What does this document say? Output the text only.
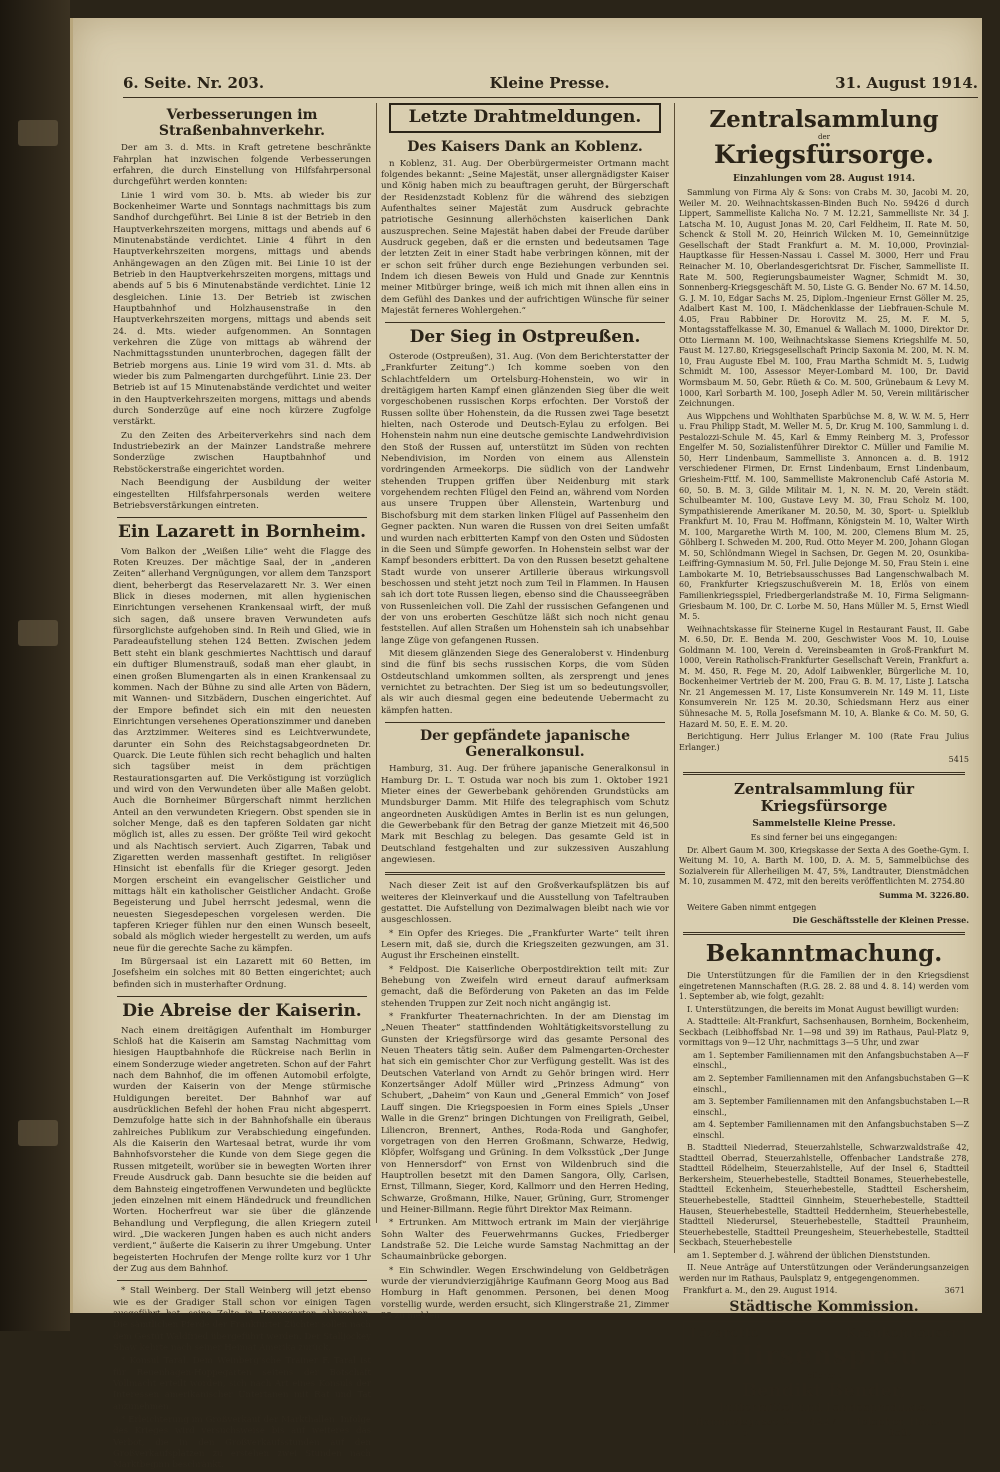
6. Seite. Nr. 203.	Kleine Presse.	31. August 1914.
Verbesserungen im Straßenbahnverkehr.

Der am 3. d. Mts. in Kraft getretene beschränkte Fahrplan hat inzwischen folgende Verbesserungen erfahren, die durch Einstellung von Hilfsfahrpersonal durchgeführt werden konnten:

Linie 1 wird vom 30. b. Mts. ab wieder bis zur Bockenheimer Warte und Sonntags nachmittags bis zum Sandhof durchgeführt. Bei Linie 8 ist der Betrieb in den Hauptverkehrszeiten morgens, mittags und abends auf 6 Minutenabstände verdichtet. Linie 4 führt in den Hauptverkehrszeiten morgens, mittags und abends Anhängewagen an den Zügen mit. Bei Linie 10 ist der Betrieb in den Hauptverkehrszeiten morgens, mittags und abends auf 5 bis 6 Minutenabstände verdichtet. Linie 12 desgleichen. Linie 13. Der Betrieb ist zwischen Hauptbahnhof und Holzhausenstraße in den Hauptverkehrszeiten morgens, mittags und abends seit 24. d. Mts. wieder aufgenommen. An Sonntagen verkehren die Züge von mittags ab während der Nachmittagsstunden ununterbrochen, dagegen fällt der Betrieb morgens aus. Linie 19 wird vom 31. d. Mts. ab wieder bis zum Palmengarten durchgeführt. Linie 23. Der Betrieb ist auf 15 Minutenabstände verdichtet und weiter in den Hauptverkehrszeiten morgens, mittags und abends durch Sonderzüge auf eine noch kürzere Zugfolge verstärkt.

Zu den Zeiten des Arbeiterverkehrs sind nach dem Industriebezirk an der Mainzer Landstraße mehrere Sonderzüge zwischen Hauptbahnhof und Rebstöckerstraße eingerichtet worden.

Nach Beendigung der Ausbildung der weiter eingestellten Hilfsfahrpersonals werden weitere Betriebsverstärkungen eintreten.

Ein Lazarett in Bornheim.

Vom Balkon der „Weißen Lilie“ weht die Flagge des Roten Kreuzes. Der mächtige Saal, der in „anderen Zeiten“ allerhand Vergnügungen, vor allem dem Tanzsport dient, beherbergt das Reservelazarett Nr. 3. Wer einen Blick in dieses modernen, mit allen hygienischen Einrichtungen versehenen Krankensaal wirft, der muß sich sagen, daß unsere braven Verwundeten aufs fürsorglichste aufgehoben sind. In Reih und Glied, wie in Paradeaufstellung stehen 124 Betten. Zwischen jedem Bett steht ein blank geschmiertes Nachttisch und darauf ein duftiger Blumenstrauß, sodaß man eher glaubt, in einen großen Blumengarten als in einen Krankensaal zu kommen. Nach der Bühne zu sind alle Arten von Bädern, mit Wannen- und Sitzbädern, Duschen eingerichtet. Auf der Empore befindet sich ein mit den neuesten Einrichtungen versehenes Operationszimmer und daneben das Arztzimmer. Weiteres sind es Leichtverwundete, darunter ein Sohn des Reichstagsabgeordneten Dr. Quarck. Die Leute fühlen sich recht behaglich und halten sich tagsüber meist in dem prächtigen Restaurationsgarten auf. Die Verköstigung ist vorzüglich und wird von den Verwundeten über alle Maßen gelobt. Auch die Bornheimer Bürgerschaft nimmt herzlichen Anteil an den verwundeten Kriegern. Obst spenden sie in solcher Menge, daß es den tapferen Soldaten gar nicht möglich ist, alles zu essen. Der größte Teil wird gekocht und als Nachtisch serviert. Auch Zigarren, Tabak und Zigaretten werden massenhaft gestiftet. In religiöser Hinsicht ist ebenfalls für die Krieger gesorgt. Jeden Morgen erscheint ein evangelischer Geistlicher und mittags hält ein katholischer Geistlicher Andacht. Große Begeisterung und Jubel herrscht jedesmal, wenn die neuesten Siegesdepeschen vorgelesen werden. Die tapferen Krieger fühlen nur den einen Wunsch beseelt, sobald als möglich wieder hergestellt zu werden, um aufs neue für die gerechte Sache zu kämpfen.

Im Bürgersaal ist ein Lazarett mit 60 Betten, im Josefsheim ein solches mit 80 Betten eingerichtet; auch befinden sich in musterhafter Ordnung.

Die Abreise der Kaiserin.

Nach einem dreitägigen Aufenthalt im Homburger Schloß hat die Kaiserin am Samstag Nachmittag vom hiesigen Hauptbahnhofe die Rückreise nach Berlin in einem Sonderzuge wieder angetreten. Schon auf der Fahrt nach dem Bahnhof, die im offenen Automobil erfolgte, wurden der Kaiserin von der Menge stürmische Huldigungen bereitet. Der Bahnhof war auf ausdrücklichen Befehl der hohen Frau nicht abgesperrt. Demzufolge hatte sich in der Bahnhofshalle ein überaus zahlreiches Publikum zur Verabschiedung eingefunden. Als die Kaiserin den Wartesaal betrat, wurde ihr vom Bahnhofsvorsteher die Kunde von dem Siege gegen die Russen mitgeteilt, worüber sie in bewegten Worten ihrer Freude Ausdruck gab. Dann besuchte sie die beiden auf dem Bahnsteig eingetroffenen Verwundeten und beglückte jeden einzelnen mit einem Händedruck und freundlichen Worten. Hocherfreut war sie über die glänzende Behandlung und Verpflegung, die allen Kriegern zuteil wird. „Die wackeren Jungen haben es auch nicht anders verdient,“ äußerte die Kaiserin zu ihrer Umgebung. Unter begeisterten Hochrufen der Menge rollte kurz vor 1 Uhr der Zug aus dem Bahnhof.

* Stall Weinberg. Der Stall Weinberg will jetzt ebenso wie es der Gradiger Stall schon vor einigen Tagen ausgeführt hat, seine Zelte in Hoppegarten abbrechen. Die sämtlichen Pferde der Frankfurter Züchter sollen nach dem Gestüt Waldfried übergeführt werden. Der Stalljockey Shaw kehrte nach seiner Heimat Amerika zurück.

* Konsul Taral. Dem Weinberg'sche Trainer F. Taral ist für Reuenhagen-Hoppegarten seitens der Botschaft Vollmacht erteilt worden, sich nach Art eines Konsuls der Interessen amerikanischer Untertanen mit Rat und Tat anzunehmen.

* Erleichterung im Großverkauf der Markthallen. Infolge des Krieges wird versuchsweise bis auf weiteres das Verbot, die in den Großverkaufsstunden auf den Großverkaufsplätzen zu erstehen zwei Stunden nach Marktbeginn beschränkt.

Letzte Drahtmeldungen.
Des Kaisers Dank an Koblenz.

n Koblenz, 31. Aug. Der Oberbürgermeister Ortmann macht folgendes bekannt: „Seine Majestät, unser allergnädigster Kaiser und König haben mich zu beauftragen geruht, der Bürgerschaft der Residenzstadt Koblenz für die während des siebzigen Aufenthaltes seiner Majestät zum Ausdruck gebrachte patriotische Gesinnung allerhöchsten kaiserlichen Dank auszusprechen. Seine Majestät haben dabei der Freude darüber Ausdruck gegeben, daß er die ernsten und bedeutsamen Tage der letzten Zeit in einer Stadt habe verbringen können, mit der er schon seit früher durch enge Beziehungen verbunden sei. Indem ich diesen Beweis von Huld und Gnade zur Kenntnis meiner Mitbürger bringe, weiß ich mich mit ihnen allen eins in dem Gefühl des Dankes und der aufrichtigen Wünsche für seiner Majestät ferneres Wohlergehen.“

Der Sieg in Ostpreußen.

Osterode (Ostpreußen), 31. Aug. (Von dem Berichterstatter der „Frankfurter Zeitung“.) Ich komme soeben von den Schlachtfeldern um Ortelsburg-Hohenstein, wo wir in dreitägigem harten Kampf einen glänzenden Sieg über die weit vorgeschobenen russischen Korps erfochten. Der Vorstoß der Russen sollte über Hohenstein, da die Russen zwei Tage besetzt hielten, nach Osterode und Deutsch-Eylau zu erfolgen. Bei Hohenstein nahm nun eine deutsche gemischte Landwehrdivision den Stoß der Russen auf, unterstützt im Süden von rechten Nebendivision, im Norden von einem aus Allenstein vordringenden Armeekorps. Die südlich von der Landwehr stehenden Truppen griffen über Neidenburg mit stark vorgehendem rechten Flügel den Feind an, während vom Norden aus unsere Truppen über Allenstein, Wartenburg und Bischofsburg mit dem starken linken Flügel auf Passenheim den Gegner packten. Nun waren die Russen von drei Seiten umfaßt und wurden nach erbitterten Kampf von den Osten und Südosten in die Seen und Sümpfe geworfen. In Hohenstein selbst war der Kampf besonders erbittert. Da von den Russen besetzt gehaltene Stadt wurde von unserer Artillerie überaus wirkungsvoll beschossen und steht jetzt noch zum Teil in Flammen. In Hausen sah ich dort tote Russen liegen, ebenso sind die Chausseegräben von Russenleichen voll. Die Zahl der russischen Gefangenen und der von uns eroberten Geschütze läßt sich noch nicht genau feststellen. Auf allen Straßen um Hohenstein sah ich unabsehbar lange Züge von gefangenen Russen.

Mit diesem glänzenden Siege des Generaloberst v. Hindenburg sind die fünf bis sechs russischen Korps, die vom Süden Ostdeutschland umkommen sollten, als zersprengt und jenes vernichtet zu betrachten. Der Sieg ist um so bedeutungsvoller, als wir auch diesmal gegen eine bedeutende Uebermacht zu kämpfen hatten.

Der gepfändete japanische Generalkonsul.

Hamburg, 31. Aug. Der frühere japanische Generalkonsul in Hamburg Dr. L. T. Ostuda war noch bis zum 1. Oktober 1921 Mieter eines der Gewerbebank gehörenden Grundstücks am Mundsburger Damm. Mit Hilfe des telegraphisch vom Schutz angeordneten Ausküdigen Amtes in Berlin ist es nun gelungen, die Gewerbebank für den Betrag der ganze Mietzeit mit 46,500 Mark mit Beschlag zu belegen. Das gesamte Geld ist in Deutschland festgehalten und zur sukzessiven Auszahlung angewiesen.

Nach dieser Zeit ist auf den Großverkaufsplätzen bis auf weiteres der Kleinverkauf und die Ausstellung von Tafeltrauben gestattet. Die Aufstellung von Dezimalwagen bleibt nach wie vor ausgeschlossen.

* Ein Opfer des Krieges. Die „Frankfurter Warte“ teilt ihren Lesern mit, daß sie, durch die Kriegszeiten gezwungen, am 31. August ihr Erscheinen einstellt.

* Feldpost. Die Kaiserliche Oberpostdirektion teilt mit: Zur Behebung von Zweifeln wird erneut darauf aufmerksam gemacht, daß die Beförderung von Paketen an das im Felde stehenden Truppen zur Zeit noch nicht angängig ist.

* Frankfurter Theaternachrichten. In der am Dienstag im „Neuen Theater“ stattfindenden Wohltätigkeitsvorstellung zu Gunsten der Kriegsfürsorge wird das gesamte Personal des Neuen Theaters tätig sein. Außer dem Palmengarten-Orchester hat sich ein gemischter Chor zur Verfügung gestellt. Was ist des Deutschen Vaterland von Arndt zu Gehör bringen wird. Herr Konzertsänger Adolf Müller wird „Prinzess Admung“ von Schubert, „Daheim“ von Kaun und „General Emmich“ von Josef Lauff singen. Die Kriegspoesien in Form eines Spiels „Unser Walle in die Grenz“ bringen Dichtungen von Freiligrath, Geibel, Liliencron, Brennert, Anthes, Roda-Roda und Ganghofer, vorgetragen von den Herren Großmann, Schwarze, Hedwig, Klöpfer, Wolfsgang und Grüning. In dem Volksstück „Der Junge von Hennersdorf“ von Ernst von Wildenbruch sind die Hauptrollen besetzt mit den Damen Sangora, Olly, Carlsen, Ernst, Tillmann, Sieger, Kord, Kallmorr und den Herren Heding, Schwarze, Großmann, Hilke, Nauer, Grüning, Gurr, Stromenger und Heiner-Billmann. Regie führt Direktor Max Reimann.

* Ertrunken. Am Mittwoch ertrank im Main der vierjährige Sohn Walter des Feuerwehrmanns Guckes, Friedberger Landstraße 52. Die Leiche wurde Samstag Nachmittag an der Schaumainbrücke geborgen.

* Ein Schwindler. Wegen Erschwindelung von Geldbeträgen wurde der vierundvierzigjährige Kaufmann Georg Moog aus Bad Homburg in Haft genommen. Personen, bei denen Moog vorstellig wurde, werden ersucht, sich Klingerstraße 21, Zimmer 25 zu melden.

Zentralsammlung
der
Kriegsfürsorge.
Einzahlungen vom 28. August 1914.

Sammlung von Firma Aly & Sons: von Crabs M. 30, Jacobi M. 20, Weiler M. 20. Weihnachtskassen-Binden Buch No. 59426 d durch Lippert, Sammelliste Kalicha No. 7 M. 12.21, Sammelliste Nr. 34 J. Latscha M. 10, August Jonas M. 20, Carl Feldheim, II. Rate M. 50, Schenck & Stoll M. 20, Heinrich Wilcken M. 10, Gemeinnützige Gesellschaft der Stadt Frankfurt a. M. M. 10,000, Provinzial-Hauptkasse für Hessen-Nassau i. Cassel M. 3000, Herr und Frau Reinacher M. 10, Oberlandesgerichtsrat Dr. Fischer, Sammelliste II. Rate M. 500, Regierungsbaumeister Wagner, Schmidt M. 30, Sonnenberg-Kriegsgeschäft M. 50, Liste G. G. Bender No. 67 M. 14.50, G. J. M. 10, Edgar Sachs M. 25, Diplom.-Ingenieur Ernst Göller M. 25, Adalbert Kast M. 100, I. Mädchenklasse der Liebfrauen-Schule M. 4.05, Frau Rabbiner Dr. Horovitz M. 25, M. F. M. 5, Montagsstaffelkasse M. 30, Emanuel & Wallach M. 1000, Direktor Dr. Otto Liermann M. 100, Weihnachtskasse Siemens Kriegshilfe M. 50, Faust M. 127.80, Kriegsgesellschaft Princip Saxonia M. 200, M. N. M. 10, Frau Auguste Ebel M. 100, Frau Martha Schmidt M. 5, Ludwig Schmidt M. 100, Assessor Meyer-Lombard M. 100, Dr. David Wormsbaum M. 50, Gebr. Rüeth & Co. M. 500, Grünebaum & Levy M. 1000, Karl Sorbarth M. 100, Joseph Adler M. 50, Verein militärischer Zeichnungen.

Aus Wippchens und Wohlthaten Sparbüchse M. 8, W. W. M. 5, Herr u. Frau Philipp Stadt, M. Weller M. 5, Dr. Krug M. 100, Sammlung i. d. Pestalozzi-Schule M. 45, Karl & Emmy Reinberg M. 3, Professor Engelfer M. 50, Sozialistenführer Direktor C. Müller und Familie M. 50, Herr Lindenbaum, Sammelliste 3. Annoncen a. d. B. 1912 verschiedener Firmen, Dr. Ernst Lindenbaum, Ernst Lindenbaum, Griesheim-Fttf. M. 100, Sammelliste Makronenclub Café Astoria M. 60, 50. B. M. 3, Gilde Militair M. 1, N. N. M. 20, Verein städt. Schulbeamter M. 100, Gustave Levy M. 30, Frau Scholz M. 100, Sympathisierende Amerikaner M. 20.50, M. 30, Sport- u. Spielklub Frankfurt M. 10, Frau M. Hoffmann, Königstein M. 10, Walter Wirth M. 100, Margarethe Wirth M. 100, M. 200, Clemens Blum M. 25, Göhlberg I. Schweden M. 200, Rud. Otto Meyer M. 200, Johann Glogan M. 50, Schlöndmann Wiegel in Sachsen, Dr. Gegen M. 20, Osunkiba-Leiffring-Gymnasium M. 50, Frl. Julie Dejonge M. 50, Frau Stein i. eine Lambokarte M. 10, Betriebsausschusses Bad Langenschwalbach M. 60, Frankfurter Kriegszuschußverein M. 18, Erlös von einem Familienkriegsspiel, Friedbergerlandstraße M. 10, Firma Seligmann-Griesbaum M. 100, Dr. C. Lorbe M. 50, Hans Müller M. 5, Ernst Wiedl M. 5.

Weihnachtskasse für Steinerne Kugel in Restaurant Faust, II. Gabe M. 6.50, Dr. E. Benda M. 200, Geschwister Voos M. 10, Louise Goldmann M. 100, Verein d. Vereinsbeamten in Groß-Frankfurt M. 1000, Verein Ratholisch-Frankfurter Gesellschaft Verein, Frankfurt a. M. M. 450, R. Fege M. 20, Adolf Laibwenkler, Bürgerliche M. 10, Bockenheimer Vertrieb der M. 200, Frau G. B. M. 17, Liste J. Latscha Nr. 21 Angemessen M. 17, Liste Konsumverein Nr. 149 M. 11, Liste Konsumverein Nr. 125 M. 20.30, Schiedsmann Herz aus einer Sühnesache M. 5, Rolla Josefsmann M. 10, A. Blanke & Co. M. 50, G. Hazard M. 50, E. E. M. 20.

Berichtigung. Herr Julius Erlanger M. 100 (Rate Frau Julius Erlanger.)

5415

Zentralsammlung für Kriegsfürsorge
Sammelstelle Kleine Presse.

Es sind ferner bei uns eingegangen:

Dr. Albert Gaum M. 300, Kriegskasse der Sexta A des Goethe-Gym. I. Weitung M. 10, A. Barth M. 100, D. A. M. 5, Sammelbüchse des Sozialverein für Allerheiligen M. 47, 5%, Landtrauter, Dienstmädchen M. 10, zusammen M. 472, mit den bereits veröffentlichten M. 2754.80

Summa M. 3226.80.

Weitere Gaben nimmt entgegen

Die Geschäftsstelle der Kleinen Presse.

Bekanntmachung.

Die Unterstützungen für die Familien der in den Kriegsdienst eingetretenen Mannschaften (R.G. 28. 2. 88 und 4. 8. 14) werden vom 1. September ab, wie folgt, gezahlt:

I. Unterstützungen, die bereits im Monat August bewilligt wurden:

A. Stadtteile: Alt-Frankfurt, Sachsenhausen, Bornheim, Bockenheim, Seckbach (Leibhoffsbad Nr. 1—98 und 39) im Rathaus, Paul-Platz 9, vormittags von 9—12 Uhr, nachmittags 3—5 Uhr, und zwar

am 1. September Familiennamen mit den Anfangsbuchstaben A—F einschl.,

am 2. September Familiennamen mit den Anfangsbuchstaben G—K einschl.,

am 3. September Familiennamen mit den Anfangsbuchstaben L—R einschl.,

am 4. September Familiennamen mit den Anfangsbuchstaben S—Z einschl.

B. Stadtteil Niederrad, Steuerzahlstelle, Schwarzwaldstraße 42, Stadtteil Oberrad, Steuerzahlstelle, Offenbacher Landstraße 278, Stadtteil Rödelheim, Steuerzahlstelle, Auf der Insel 6, Stadtteil Berkersheim, Steuerhebestelle, Stadtteil Bonames, Steuerhebestelle, Stadtteil Eckenheim, Steuerhebestelle, Stadtteil Eschersheim, Steuerhebestelle, Stadtteil Ginnheim, Steuerhebestelle, Stadtteil Hausen, Steuerhebestelle, Stadtteil Heddernheim, Steuerhebestelle, Stadtteil Niederursel, Steuerhebestelle, Stadtteil Praunheim, Steuerhebestelle, Stadtteil Preungesheim, Steuerhebestelle, Stadtteil Seckbach, Steuerhebestelle

am 1. September d. J. während der üblichen Dienststunden.

II. Neue Anträge auf Unterstützungen oder Veränderungsanzeigen werden nur im Rathaus, Paulsplatz 9, entgegengenommen.

Frankfurt a. M., den 29. August 1914.	3671
Städtische Kommission.
Lazarette	—	Krankenhäuser
Hirsenspreu
offeriert
Bendikt Bender,
Futtermittel und Landesprodukte,
Hammelsgasse 3—5.
[4227]	Telephon Hansa 959.
